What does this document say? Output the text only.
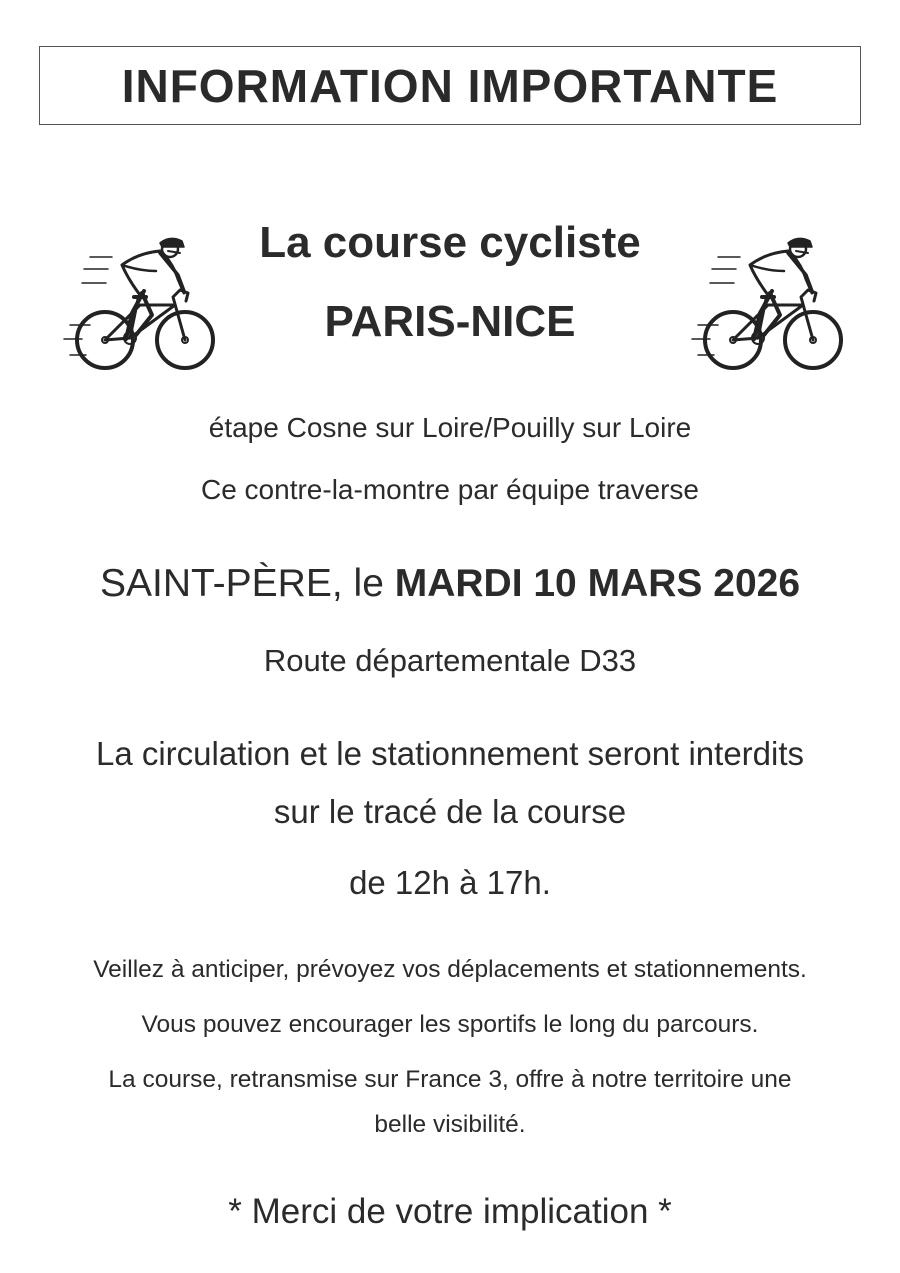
INFORMATION IMPORTANTE
La course cycliste
PARIS-NICE
étape Cosne sur Loire/Pouilly sur Loire
Ce contre-la-montre par équipe traverse
SAINT-PÈRE, le MARDI 10 MARS 2026
Route départementale D33
La circulation et le stationnement seront interdits
sur le tracé de la course
de 12h à 17h.
Veillez à anticiper, prévoyez vos déplacements et stationnements.
Vous pouvez encourager les sportifs le long du parcours.
La course, retransmise sur France 3, offre à notre territoire une
belle visibilité.
* Merci de votre implication *
